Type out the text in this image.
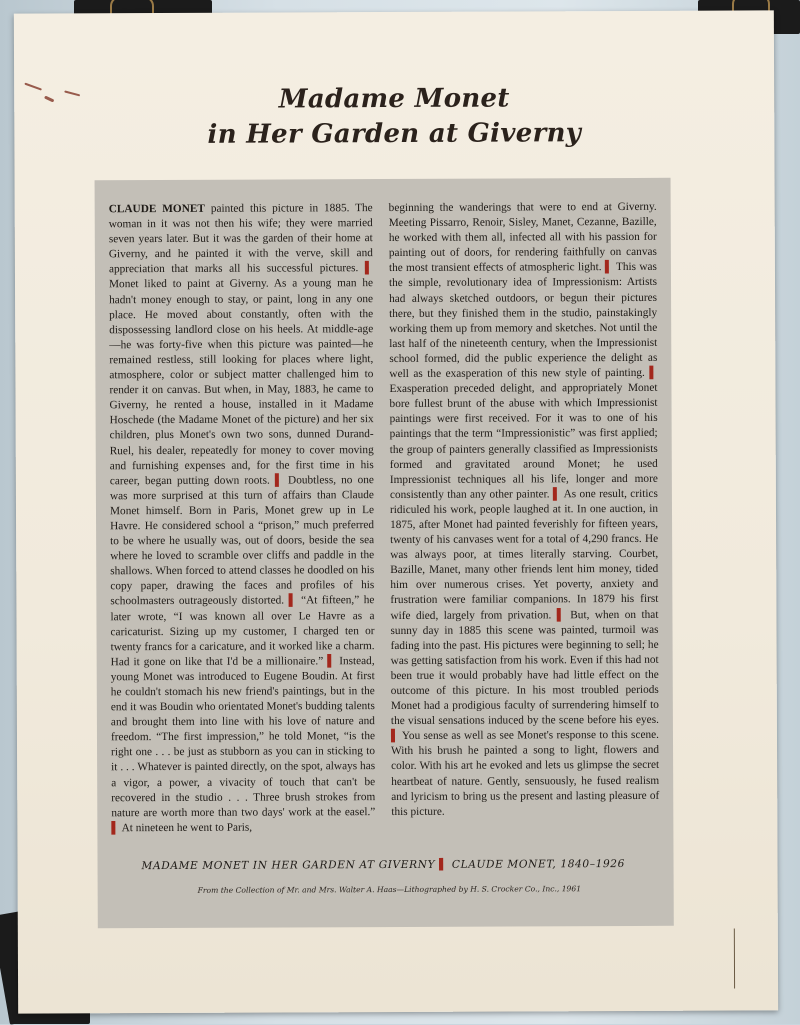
Madame Monet
in Her Garden at Giverny
CLAUDE MONET painted this picture in 1885. The woman in it was not then his wife; they were married seven years later. But it was the garden of their home at Giverny, and he painted it with the verve, skill and appreciation that marks all his successful pictures. ▌ Monet liked to paint at Giverny. As a young man he hadn't money enough to stay, or paint, long in any one place. He moved about constantly, often with the dispossessing landlord close on his heels. At middle-age—he was forty-five when this picture was painted—he remained restless, still looking for places where light, atmosphere, color or subject matter challenged him to render it on canvas. But when, in May, 1883, he came to Giverny, he rented a house, installed in it Madame Hoschede (the Madame Monet of the picture) and her six children, plus Monet's own two sons, dunned Durand-Ruel, his dealer, repeatedly for money to cover moving and furnishing expenses and, for the first time in his career, began putting down roots. ▌ Doubtless, no one was more surprised at this turn of affairs than Claude Monet himself. Born in Paris, Monet grew up in Le Havre. He considered school a “prison,” much preferred to be where he usually was, out of doors, beside the sea where he loved to scramble over cliffs and paddle in the shallows. When forced to attend classes he doodled on his copy paper, drawing the faces and profiles of his schoolmasters outrageously distorted. ▌ “At fifteen,” he later wrote, “I was known all over Le Havre as a caricaturist. Sizing up my customer, I charged ten or twenty francs for a caricature, and it worked like a charm. Had it gone on like that I'd be a millionaire.” ▌ Instead, young Monet was introduced to Eugene Boudin. At first he couldn't stomach his new friend's paintings, but in the end it was Boudin who orientated Monet's budding talents and brought them into line with his love of nature and freedom. “The first impression,” he told Monet, “is the right one . . . be just as stubborn as you can in sticking to it . . . Whatever is painted directly, on the spot, always has a vigor, a power, a vivacity of touch that can't be recovered in the studio . . . Three brush strokes from nature are worth more than two days' work at the easel.” ▌ At nineteen he went to Paris,
beginning the wanderings that were to end at Giverny. Meeting Pissarro, Renoir, Sisley, Manet, Cezanne, Bazille, he worked with them all, infected all with his passion for painting out of doors, for rendering faithfully on canvas the most transient effects of atmospheric light. ▌ This was the simple, revolutionary idea of Impressionism: Artists had always sketched outdoors, or begun their pictures there, but they finished them in the studio, painstakingly working them up from memory and sketches. Not until the last half of the nineteenth century, when the Impressionist school formed, did the public experience the delight as well as the exasperation of this new style of painting. ▌ Exasperation preceded delight, and appropriately Monet bore fullest brunt of the abuse with which Impressionist paintings were first received. For it was to one of his paintings that the term “Impressionistic” was first applied; the group of painters generally classified as Impressionists formed and gravitated around Monet; he used Impressionist techniques all his life, longer and more consistently than any other painter. ▌ As one result, critics ridiculed his work, people laughed at it. In one auction, in 1875, after Monet had painted feverishly for fifteen years, twenty of his canvases went for a total of 4,290 francs. He was always poor, at times literally starving. Courbet, Bazille, Manet, many other friends lent him money, tided him over numerous crises. Yet poverty, anxiety and frustration were familiar companions. In 1879 his first wife died, largely from privation. ▌ But, when on that sunny day in 1885 this scene was painted, turmoil was fading into the past. His pictures were beginning to sell; he was getting satisfaction from his work. Even if this had not been true it would probably have had little effect on the outcome of this picture. In his most troubled periods Monet had a prodigious faculty of surrendering himself to the visual sensations induced by the scene before his eyes. ▌ You sense as well as see Monet's response to this scene. With his brush he painted a song to light, flowers and color. With his art he evoked and lets us glimpse the secret heartbeat of nature. Gently, sensuously, he fused realism and lyricism to bring us the present and lasting pleasure of this picture.
MADAME MONET IN HER GARDEN AT GIVERNY ▌ CLAUDE MONET, 1840–1926
From the Collection of Mr. and Mrs. Walter A. Haas—Lithographed by H. S. Crocker Co., Inc., 1961
